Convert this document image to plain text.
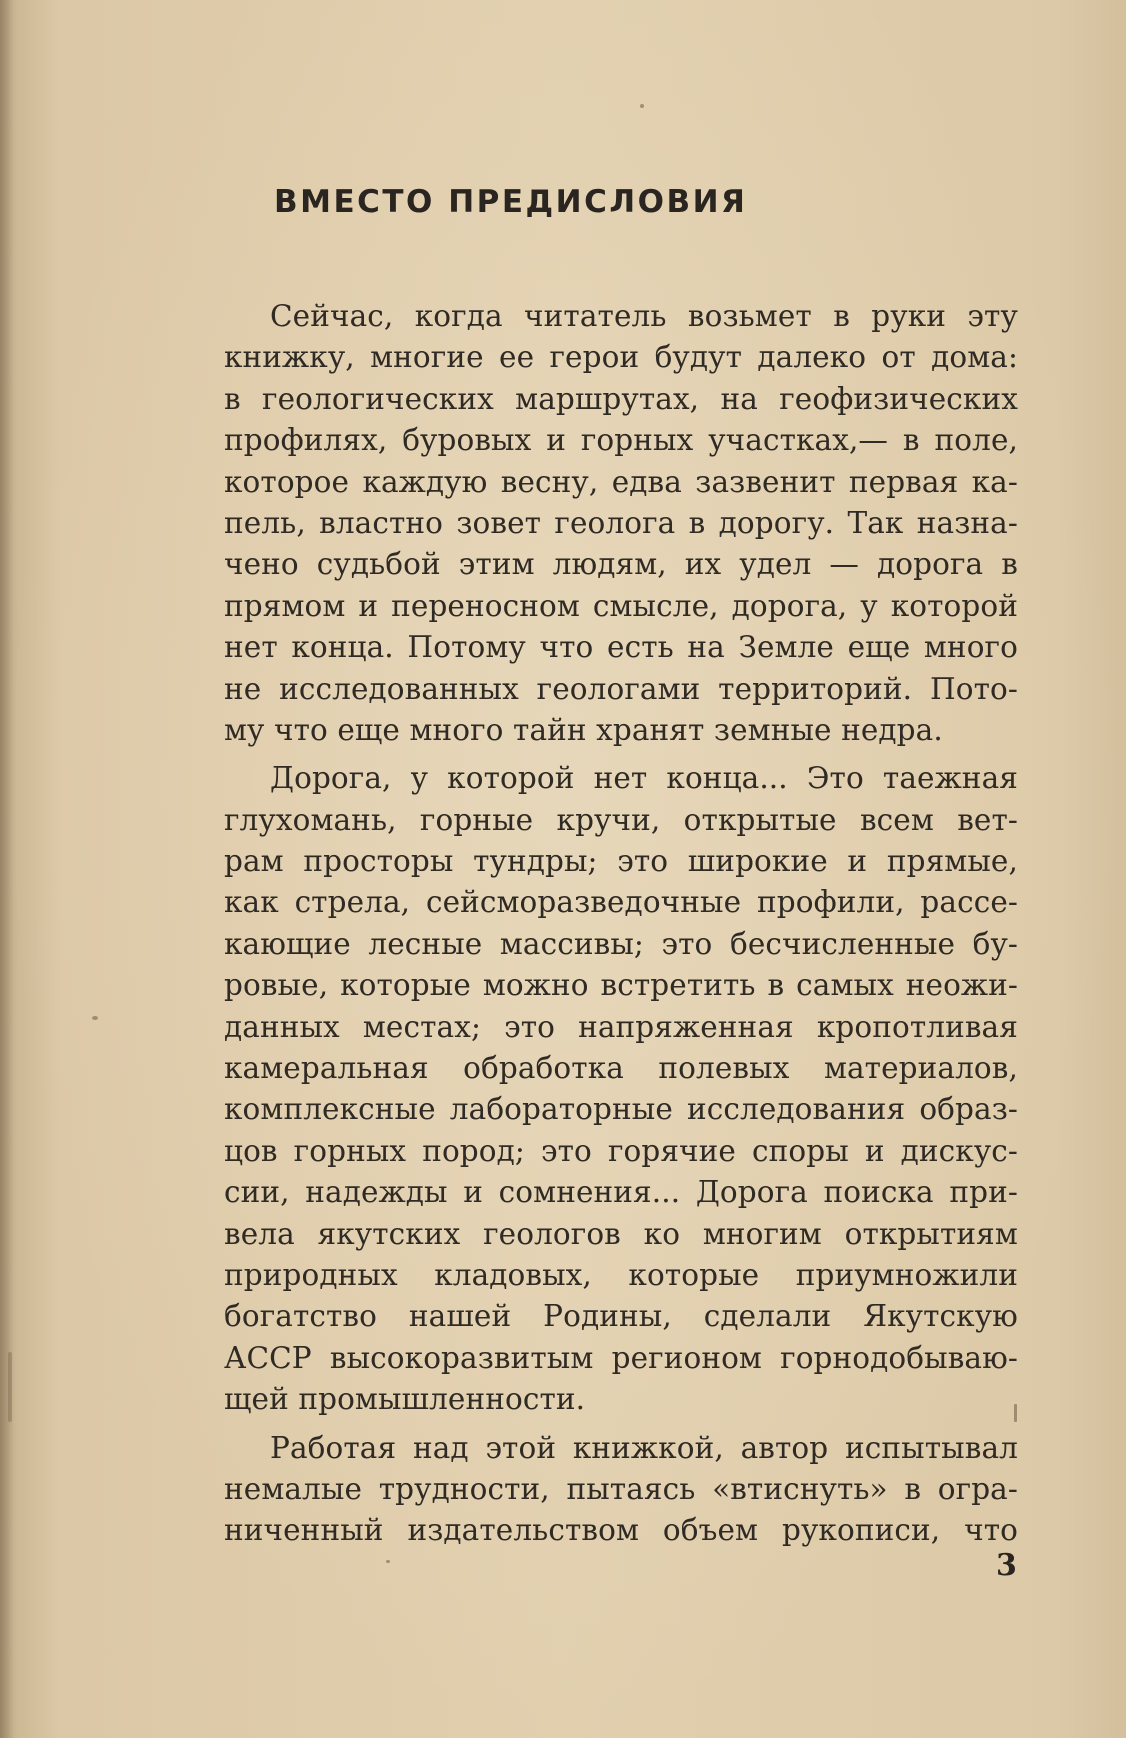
ВМЕСТО ПРЕДИСЛОВИЯ
Сейчас, когда читатель возьмет в руки эту
книжку, многие ее герои будут далеко от дома:
в геологических маршрутах, на геофизических
профилях, буровых и горных участках,— в поле,
которое каждую весну, едва зазвенит первая ка-
пель, властно зовет геолога в дорогу. Так назна-
чено судьбой этим людям, их удел — дорога в
прямом и переносном смысле, дорога, у которой
нет конца. Потому что есть на Земле еще много
не исследованных геологами территорий. Пото-
му что еще много тайн хранят земные недра.
Дорога, у которой нет конца... Это таежная
глухомань, горные кручи, открытые всем вет-
рам просторы тундры; это широкие и прямые,
как стрела, сейсморазведочные профили, рассе-
кающие лесные массивы; это бесчисленные бу-
ровые, которые можно встретить в самых неожи-
данных местах; это напряженная кропотливая
камеральная обработка полевых материалов,
комплексные лабораторные исследования образ-
цов горных пород; это горячие споры и дискус-
сии, надежды и сомнения... Дорога поиска при-
вела якутских геологов ко многим открытиям
природных кладовых, которые приумножили
богатство нашей Родины, сделали Якутскую
АССР высокоразвитым регионом горнодобываю-
щей промышленности.
Работая над этой книжкой, автор испытывал
немалые трудности, пытаясь «втиснуть» в огра-
ниченный издательством объем рукописи, что
3
